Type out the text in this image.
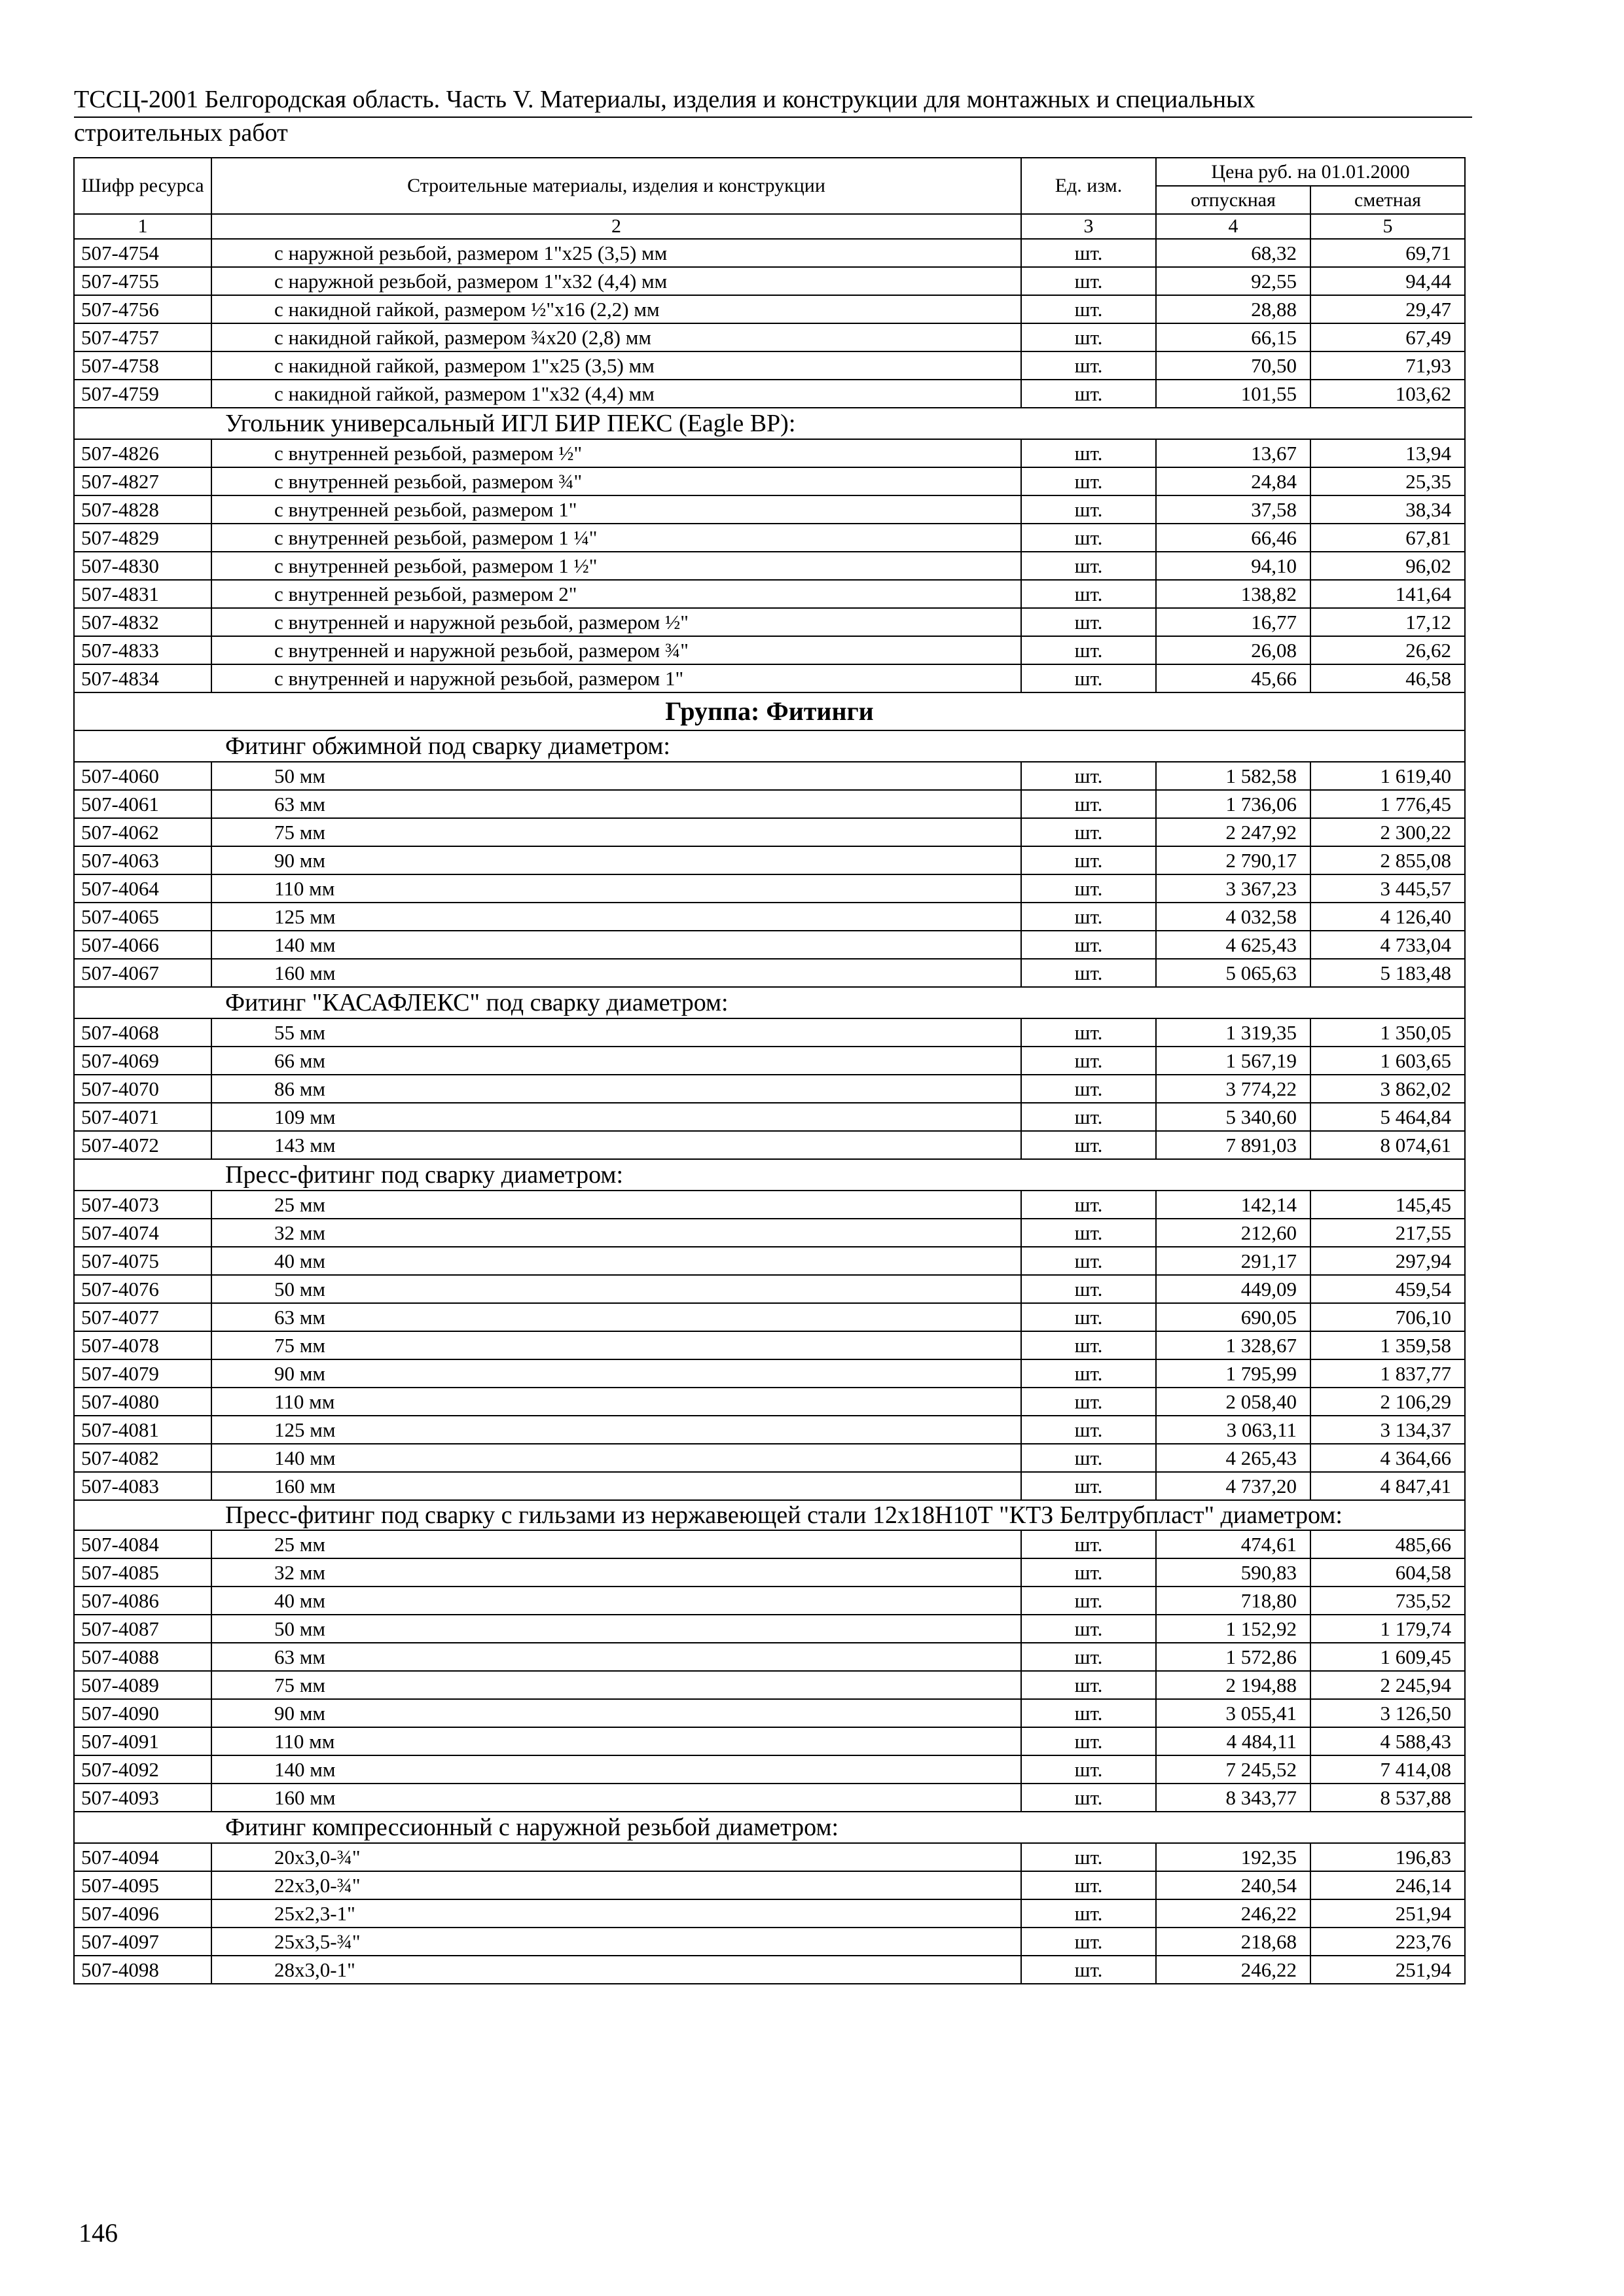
ТССЦ-2001 Белгородская область. Часть V. Материалы, изделия и конструкции для монтажных и специальных
строительных работ
Шифр ресурса	Строительные материалы, изделия и конструкции	Ед. изм.	Цена руб. на 01.01.2000	
			отпускная	сметная
1	2	3	4	5
507-4754	с наружной резьбой, размером 1"х25 (3,5) мм	шт.	68,32	69,71
507-4755	с наружной резьбой, размером 1"х32 (4,4) мм	шт.	92,55	94,44
507-4756	с накидной гайкой, размером ½"х16 (2,2) мм	шт.	28,88	29,47
507-4757	с накидной гайкой, размером ¾х20 (2,8) мм	шт.	66,15	67,49
507-4758	с накидной гайкой, размером 1"х25 (3,5) мм	шт.	70,50	71,93
507-4759	с накидной гайкой, размером 1"х32 (4,4) мм	шт.	101,55	103,62
Угольник универсальный ИГЛ БИР ПЕКС (Eagle BP):				
507-4826	с внутренней резьбой, размером ½"	шт.	13,67	13,94
507-4827	с внутренней резьбой, размером ¾"	шт.	24,84	25,35
507-4828	с внутренней резьбой, размером 1"	шт.	37,58	38,34
507-4829	с внутренней резьбой, размером 1 ¼"	шт.	66,46	67,81
507-4830	с внутренней резьбой, размером 1 ½"	шт.	94,10	96,02
507-4831	с внутренней резьбой, размером 2"	шт.	138,82	141,64
507-4832	с внутренней и наружной резьбой, размером ½"	шт.	16,77	17,12
507-4833	с внутренней и наружной резьбой, размером ¾"	шт.	26,08	26,62
507-4834	с внутренней и наружной резьбой, размером 1"	шт.	45,66	46,58
Группа: Фитинги				
Фитинг обжимной под сварку диаметром:				
507-4060	50 мм	шт.	1 582,58	1 619,40
507-4061	63 мм	шт.	1 736,06	1 776,45
507-4062	75 мм	шт.	2 247,92	2 300,22
507-4063	90 мм	шт.	2 790,17	2 855,08
507-4064	110 мм	шт.	3 367,23	3 445,57
507-4065	125 мм	шт.	4 032,58	4 126,40
507-4066	140 мм	шт.	4 625,43	4 733,04
507-4067	160 мм	шт.	5 065,63	5 183,48
Фитинг "КАСАФЛЕКС" под сварку диаметром:				
507-4068	55 мм	шт.	1 319,35	1 350,05
507-4069	66 мм	шт.	1 567,19	1 603,65
507-4070	86 мм	шт.	3 774,22	3 862,02
507-4071	109 мм	шт.	5 340,60	5 464,84
507-4072	143 мм	шт.	7 891,03	8 074,61
Пресс-фитинг под сварку диаметром:				
507-4073	25 мм	шт.	142,14	145,45
507-4074	32 мм	шт.	212,60	217,55
507-4075	40 мм	шт.	291,17	297,94
507-4076	50 мм	шт.	449,09	459,54
507-4077	63 мм	шт.	690,05	706,10
507-4078	75 мм	шт.	1 328,67	1 359,58
507-4079	90 мм	шт.	1 795,99	1 837,77
507-4080	110 мм	шт.	2 058,40	2 106,29
507-4081	125 мм	шт.	3 063,11	3 134,37
507-4082	140 мм	шт.	4 265,43	4 364,66
507-4083	160 мм	шт.	4 737,20	4 847,41
Пресс-фитинг под сварку с гильзами из нержавеющей стали 12х18Н10Т "КТЗ Белтрубпласт" диаметром:				
507-4084	25 мм	шт.	474,61	485,66
507-4085	32 мм	шт.	590,83	604,58
507-4086	40 мм	шт.	718,80	735,52
507-4087	50 мм	шт.	1 152,92	1 179,74
507-4088	63 мм	шт.	1 572,86	1 609,45
507-4089	75 мм	шт.	2 194,88	2 245,94
507-4090	90 мм	шт.	3 055,41	3 126,50
507-4091	110 мм	шт.	4 484,11	4 588,43
507-4092	140 мм	шт.	7 245,52	7 414,08
507-4093	160 мм	шт.	8 343,77	8 537,88
Фитинг компрессионный с наружной резьбой диаметром:				
507-4094	20х3,0-¾"	шт.	192,35	196,83
507-4095	22х3,0-¾"	шт.	240,54	246,14
507-4096	25х2,3-1"	шт.	246,22	251,94
507-4097	25х3,5-¾"	шт.	218,68	223,76
507-4098	28х3,0-1"	шт.	246,22	251,94
146
